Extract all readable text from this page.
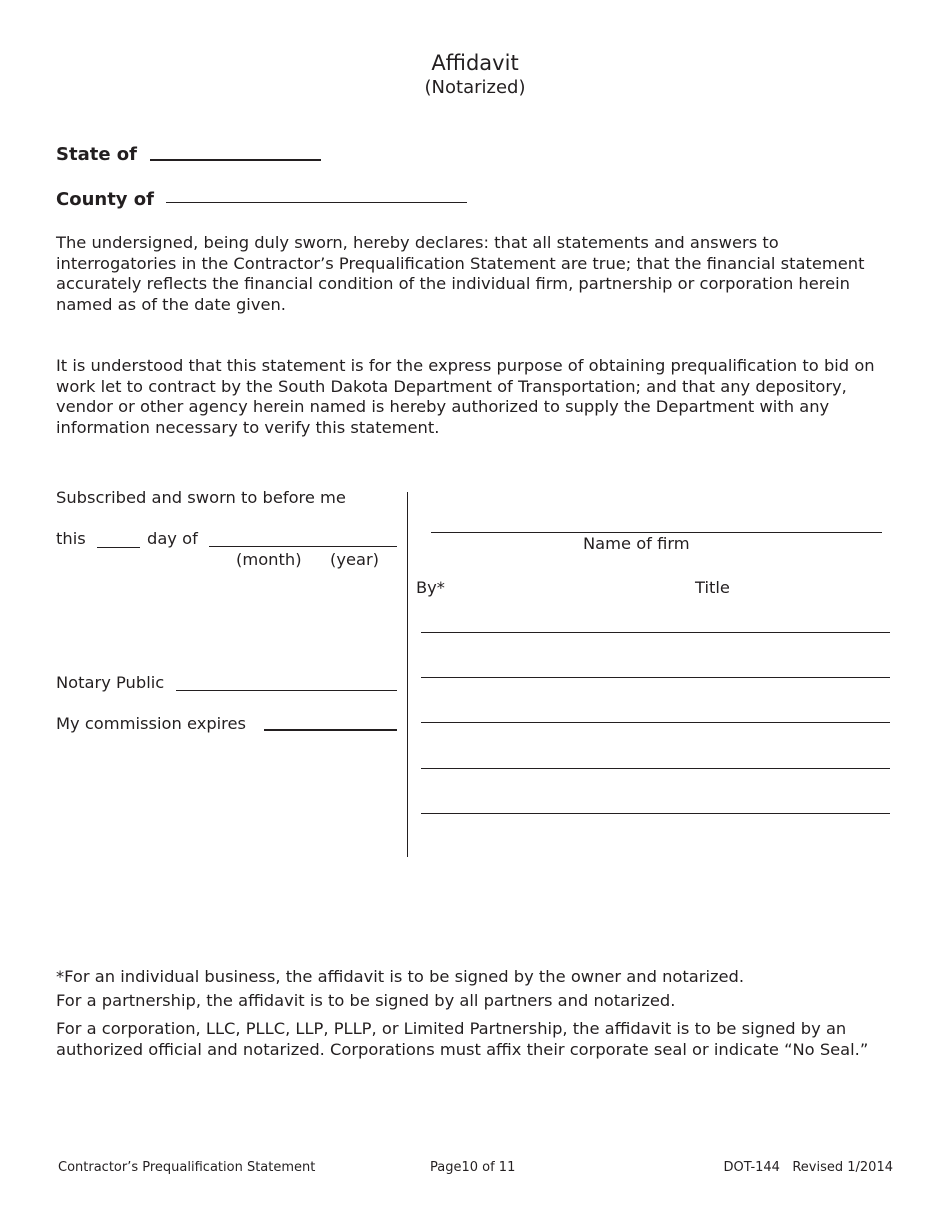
Affidavit
(Notarized)
State of
County of
The undersigned, being duly sworn, hereby declares: that all statements and answers to interrogatories in the Contractor’s Prequalification Statement are true; that the financial statement accurately reflects the financial condition of the individual firm, partnership or corporation herein named as of the date given.
It is understood that this statement is for the express purpose of obtaining prequalification to bid on work let to contract by the South Dakota Department of Transportation; and that any depository, vendor or other agency herein named is hereby authorized to supply the Department with any information necessary to verify this statement.
Subscribed and sworn to before me
this	day of
(month) (year)
Notary Public
My commission expires
Name of firm
By*	Title
*For an individual business, the affidavit is to be signed by the owner and notarized.
For a partnership, the affidavit is to be signed by all partners and notarized.
For a corporation, LLC, PLLC, LLP, PLLP, or Limited Partnership, the affidavit is to be signed by an authorized official and notarized. Corporations must affix their corporate seal or indicate “No Seal.”
Contractor’s Prequalification Statement	Page10 of 11	DOT-144   Revised 1/2014
